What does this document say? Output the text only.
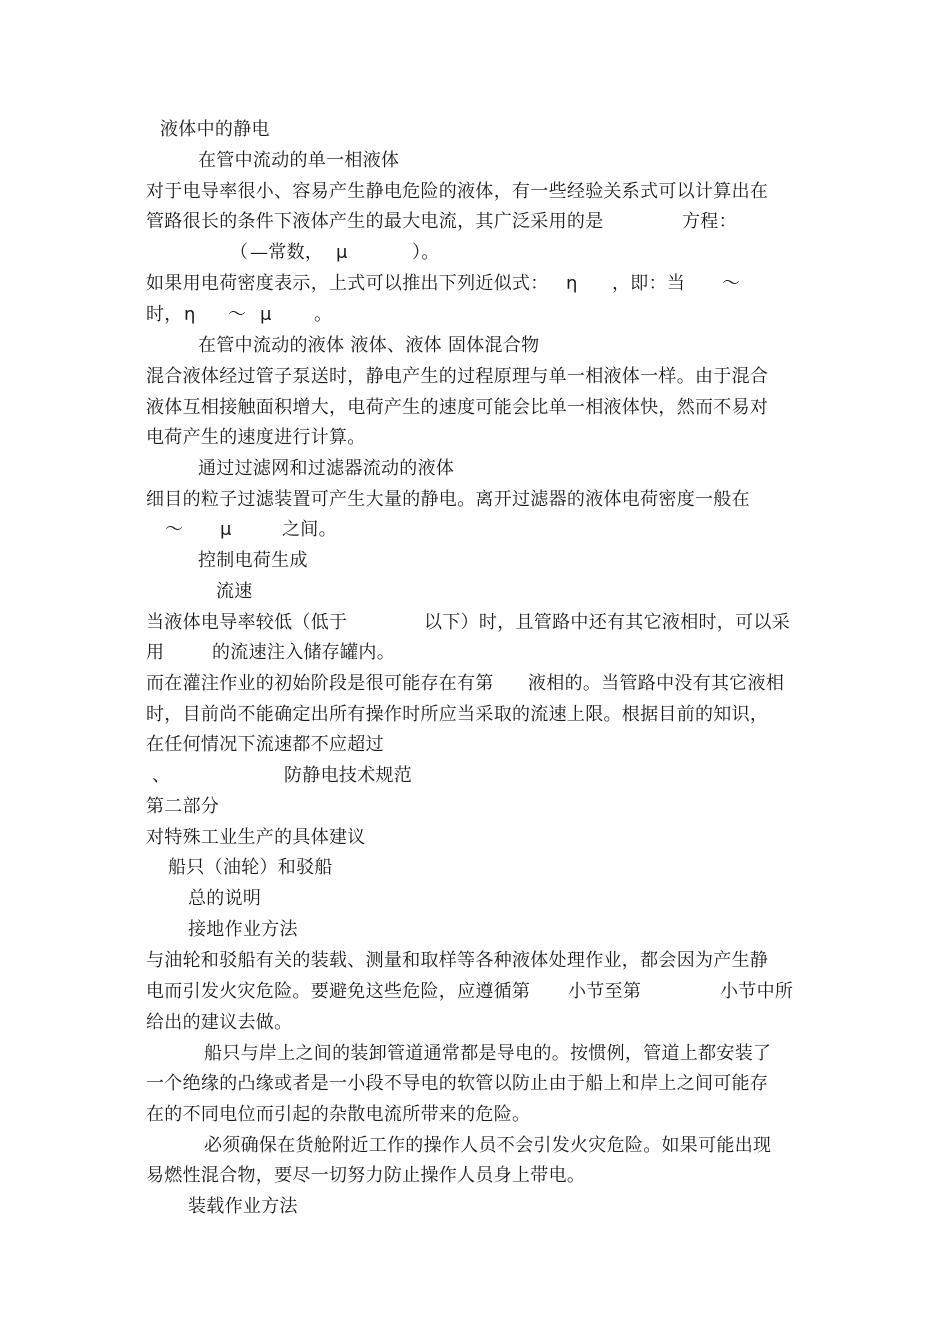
液体中的静电
在管中流动的单一相液体
对于电导率很小、容易产生静电危险的液体，有一些经验关系式可以计算出在
管路很长的条件下液体产生的最大电流，其广泛采用的是	方程：
（ —常数， μ	）。
如果用电荷密度表示，上式可以推出下列近似式： η ，即：当 ～
时， η ～ μ 。
在管中流动的液体 液体、液体 固体混合物
混合液体经过管子泵送时，静电产生的过程原理与单一相液体一样。由于混合
液体互相接触面积增大，电荷产生的速度可能会比单一相液体快，然而不易对
电荷产生的速度进行计算。
通过过滤网和过滤器流动的液体
细目的粒子过滤装置可产生大量的静电。离开过滤器的液体电荷密度一般在
～ μ	之间。
控制电荷生成
流速
当液体电导率较低（低于	以下）时，且管路中还有其它液相时，可以采
用	的流速注入储存罐内。
而在灌注作业的初始阶段是很可能存在有第 液相的。当管路中没有其它液相
时，目前尚不能确定出所有操作时所应当采取的流速上限。根据目前的知识，
在任何情况下流速都不应超过
、	防静电技术规范
第二部分
对特殊工业生产的具体建议
船只（油轮）和驳船
总的说明
接地作业方法
与油轮和驳船有关的装载、测量和取样等各种液体处理作业，都会因为产生静
电而引发火灾危险。要避免这些危险，应遵循第 小节至第	小节中所
给出的建议去做。
船只与岸上之间的装卸管道通常都是导电的。按惯例，管道上都安装了
一个绝缘的凸缘或者是一小段不导电的软管以防止由于船上和岸上之间可能存
在的不同电位而引起的杂散电流所带来的危险。
必须确保在货舱附近工作的操作人员不会引发火灾危险。如果可能出现
易燃性混合物，要尽一切努力防止操作人员身上带电。
装载作业方法
